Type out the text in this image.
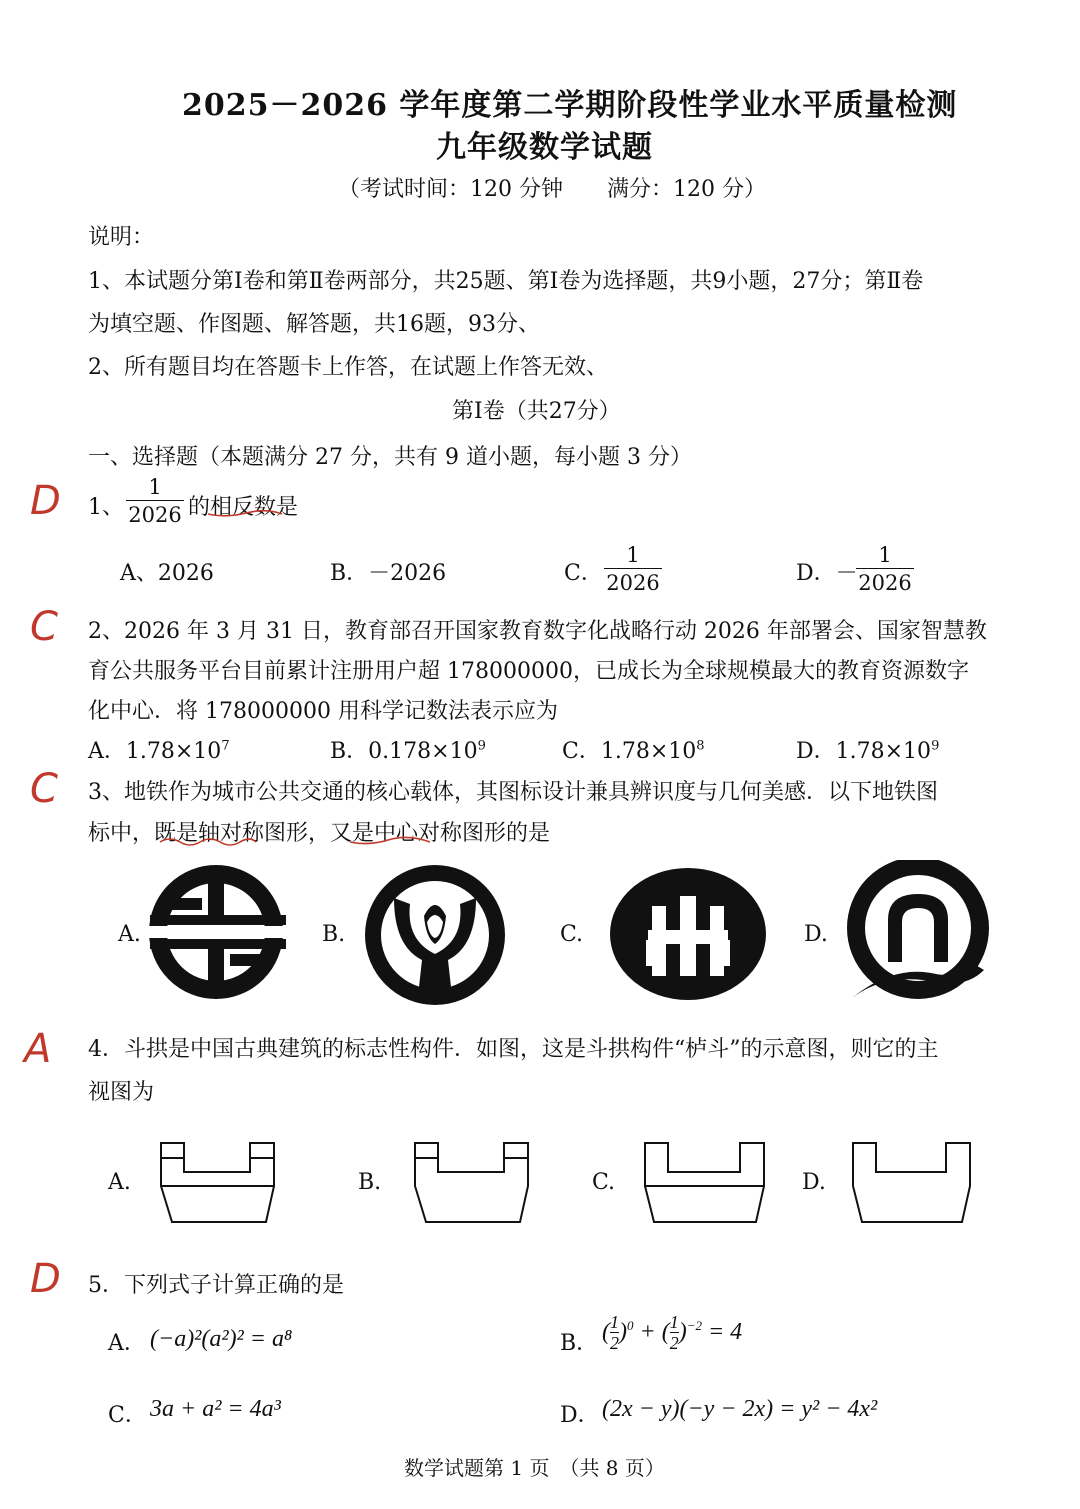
2025－2026 学年度第二学期阶段性学业水平质量检测
九年级数学试题
（考试时间：120 分钟　　满分：120 分）
说明：
1、本试题分第Ⅰ卷和第Ⅱ卷两部分，共25题、第Ⅰ卷为选择题，共9小题，27分；第Ⅱ卷
为填空题、作图题、解答题，共16题，93分、
2、所有题目均在答题卡上作答，在试题上作答无效、
第Ⅰ卷（共27分）
一、选择题（本题满分 27 分，共有 9 道小题，每小题 3 分）
D
C
C
A
D
1、
1
2026 的相反数是
A、2026	B．－2026	C．
1
2026	D．－
1
2026
2、2026 年 3 月 31 日，教育部召开国家教育数字化战略行动 2026 年部署会、国家智慧教
育公共服务平台目前累计注册用户超 178000000，已成长为全球规模最大的教育资源数字
化中心．将 178000000 用科学记数法表示应为
A．$1.78\times 10^7$	B．$0.178\times 10^9$	C．$1.78\times 10^8$	D．$1.78\times 10^9$
3、地铁作为城市公共交通的核心载体，其图标设计兼具辨识度与几何美感．以下地铁图
标中，既是轴对称图形，又是中心对称图形的是
A.	B.	C.	D.
4．斗拱是中国古典建筑的标志性构件．如图，这是斗拱构件“栌斗”的示意图，则它的主
视图为
A.	B.	C.	D.
5．下列式子计算正确的是
A． (−a)²(a²)² = a⁸	B． ( $\frac{1}{2} )^0$ + ( $\frac{1}{2} )^{-2} = 4$
C． 3a + a² = 4a³	D． (2x − y)(−y − 2x) = y² − 4x²
数学试题第 1 页　（共 8 页）
